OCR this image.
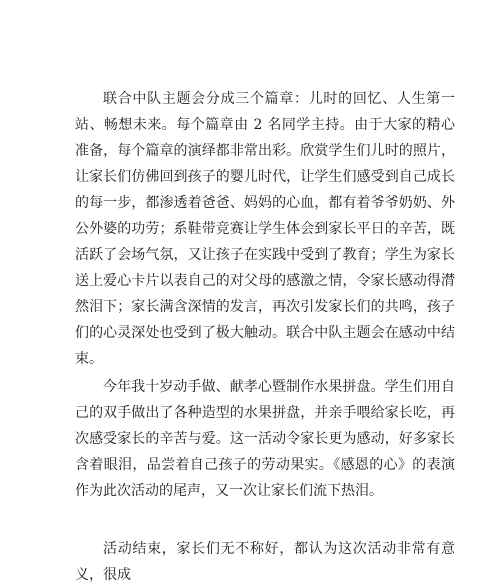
联合中队主题会分成三个篇章：儿时的回忆、人生第一站、畅想未来。每个篇章由 2 名同学主持。由于大家的精心准备，每个篇章的演绎都非常出彩。欣赏学生们儿时的照片，让家长们仿佛回到孩子的婴儿时代，让学生们感受到自己成长的每一步，都渗透着爸爸、妈妈的心血，都有着爷爷奶奶、外公外婆的功劳；系鞋带竞赛让学生体会到家长平日的辛苦，既活跃了会场气氛，又让孩子在实践中受到了教育；学生为家长送上爱心卡片以表自己的对父母的感激之情，令家长感动得潸然泪下；家长满含深情的发言，再次引发家长们的共鸣，孩子们的心灵深处也受到了极大触动。联合中队主题会在感动中结束。

今年我十岁动手做、献孝心暨制作水果拼盘。学生们用自己的双手做出了各种造型的水果拼盘，并亲手喂给家长吃，再次感受家长的辛苦与爱。这一活动令家长更为感动，好多家长含着眼泪，品尝着自己孩子的劳动果实。《感恩的心》的表演作为此次活动的尾声，又一次让家长们流下热泪。

活动结束，家长们无不称好，都认为这次活动非常有意义，很成
